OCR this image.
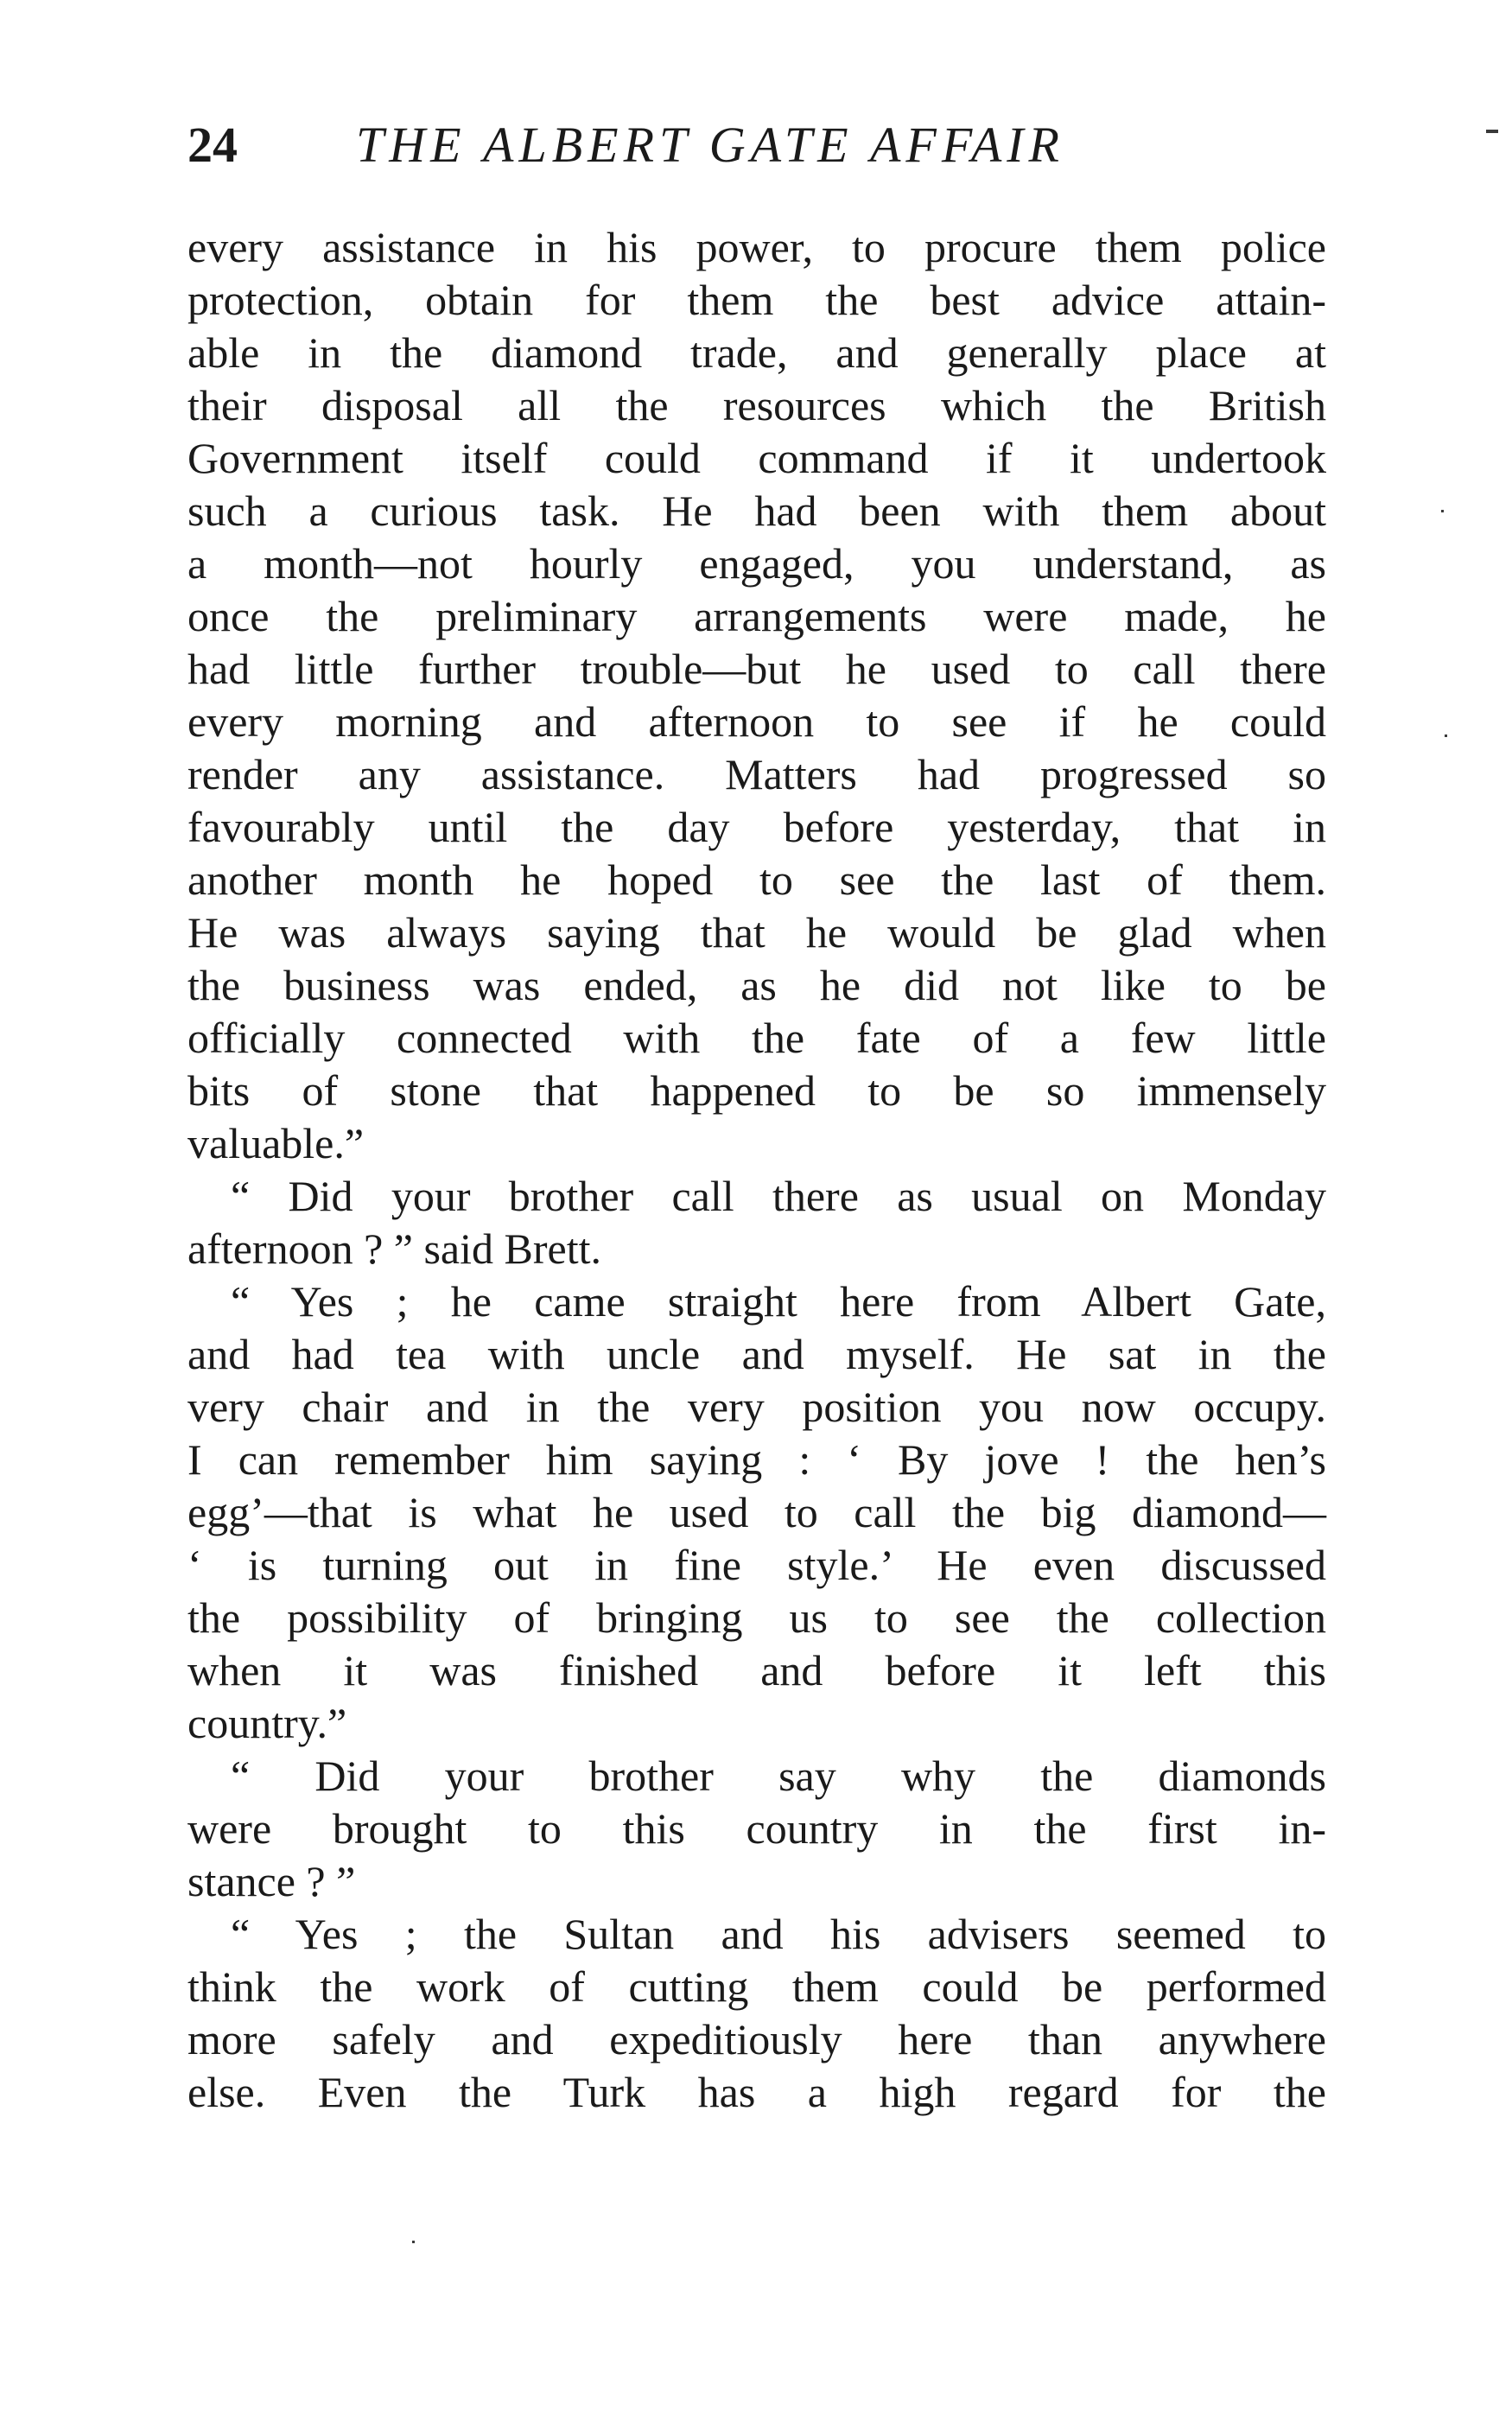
24 THE ALBERT GATE AFFAIR
every assistance in his power, to procure them police
protection, obtain for them the best advice attain-
able in the diamond trade, and generally place at
their disposal all the resources which the British
Government itself could command if it undertook
such a curious task. He had been with them about
a month—not hourly engaged, you understand, as
once the preliminary arrangements were made, he
had little further trouble—but he used to call there
every morning and afternoon to see if he could
render any assistance. Matters had progressed so
favourably until the day before yesterday, that in
another month he hoped to see the last of them.
He was always saying that he would be glad when
the business was ended, as he did not like to be
officially connected with the fate of a few little
bits of stone that happened to be so immensely
valuable.”
“ Did your brother call there as usual on Monday
afternoon ? ” said Brett.
“ Yes ; he came straight here from Albert Gate,
and had tea with uncle and myself. He sat in the
very chair and in the very position you now occupy.
I can remember him saying : ‘ By jove ! the hen’s
egg’—that is what he used to call the big diamond—
‘ is turning out in fine style.’ He even discussed
the possibility of bringing us to see the collection
when it was finished and before it left this
country.”
“ Did your brother say why the diamonds
were brought to this country in the first in-
stance ? ”
“ Yes ; the Sultan and his advisers seemed to
think the work of cutting them could be performed
more safely and expeditiously here than anywhere
else. Even the Turk has a high regard for the
